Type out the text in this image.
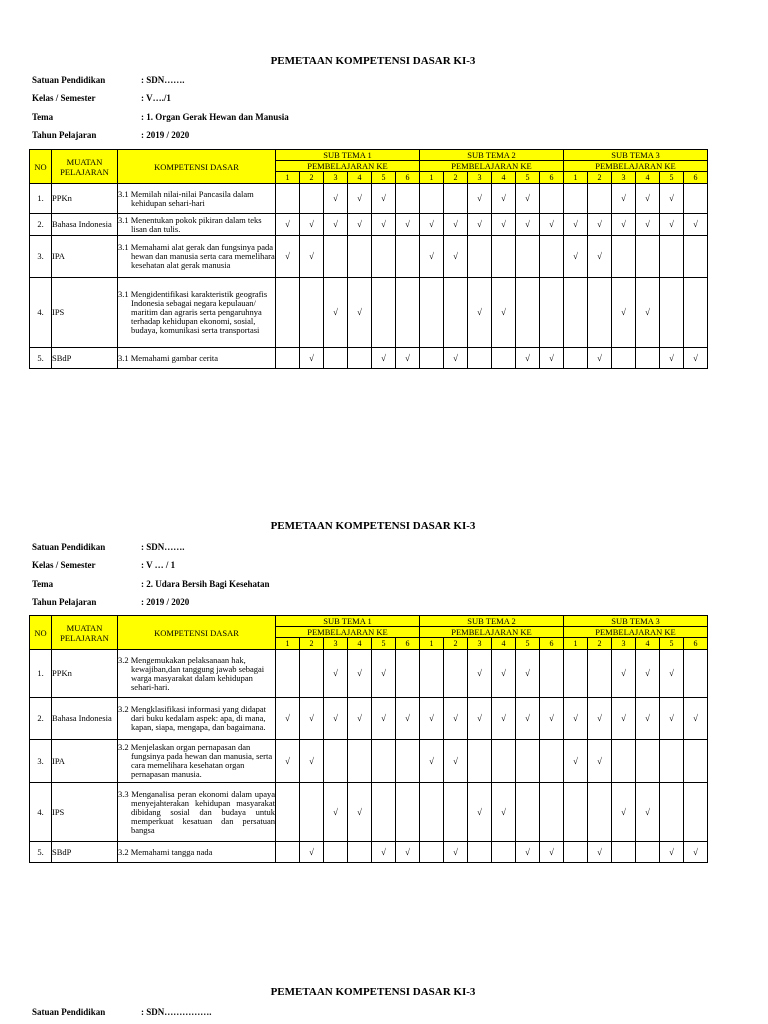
PEMETAAN KOMPETENSI DASAR KI-3
Satuan Pendidikan	: SDN…….
Kelas / Semester	: V…./1
Tema	: 1. Organ Gerak Hewan dan Manusia
Tahun Pelajaran	: 2019 / 2020
NO	MUATAN PELAJARAN	KOMPETENSI DASAR	SUB TEMA 1						SUB TEMA 2						SUB TEMA 3					
			PEMBELAJARAN KE						PEMBELAJARAN KE						PEMBELAJARAN KE					
			1	2	3	4	5	6	1	2	3	4	5	6	1	2	3	4	5	6
1.	PPKn	3.1 Memilah nilai-nilai Pancasila dalam kehidupan sehari-hari			√	√	√				√	√	√				√	√	√	
2.	Bahasa Indonesia	3.1 Menentukan pokok pikiran dalam teks lisan dan tulis.	√	√	√	√	√	√	√	√	√	√	√	√	√	√	√	√	√	√
3.	IPA	3.1 Memahami alat gerak dan fungsinya pada hewan dan manusia serta cara memelihara kesehatan alat gerak manusia	√	√					√	√					√	√				
4.	IPS	3.1 Mengidentifikasi karakteristik geografis Indonesia sebagai negara kepulauan/ maritim dan agraris serta pengaruhnya terhadap kehidupan ekonomi, sosial, budaya, komunikasi serta transportasi			√	√					√	√					√	√		
5.	SBdP	3.1 Memahami gambar cerita		√			√	√		√			√	√		√			√	√
PEMETAAN KOMPETENSI DASAR KI-3
Satuan Pendidikan	: SDN…….
Kelas / Semester	: V … / 1
Tema	: 2. Udara Bersih Bagi Kesehatan
Tahun Pelajaran	: 2019 / 2020
NO	MUATAN PELAJARAN	KOMPETENSI DASAR	SUB TEMA 1						SUB TEMA 2						SUB TEMA 3					
			PEMBELAJARAN KE						PEMBELAJARAN KE						PEMBELAJARAN KE					
			1	2	3	4	5	6	1	2	3	4	5	6	1	2	3	4	5	6
1.	PPKn	3.2 Mengemukakan pelaksanaan hak, kewajiban,dan tanggung jawab sebagai warga masyarakat dalam kehidupan sehari-hari.			√	√	√				√	√	√				√	√	√	
2.	Bahasa Indonesia	3.2 Mengklasifikasi informasi yang didapat dari buku kedalam aspek: apa, di mana, kapan, siapa, mengapa, dan bagaimana.	√	√	√	√	√	√	√	√	√	√	√	√	√	√	√	√	√	√
3.	IPA	3.2 Menjelaskan organ pernapasan dan fungsinya pada hewan dan manusia, serta cara memelihara kesehatan organ pernapasan manusia.	√	√					√	√					√	√				
4.	IPS	3.3 Menganalisa peran ekonomi dalam upaya menyejahterakan kehidupan masyarakat dibidang sosial dan budaya untuk memperkuat kesatuan dan persatuan bangsa			√	√					√	√					√	√		
5.	SBdP	3.2 Memahami tangga nada		√			√	√		√			√	√		√			√	√
PEMETAAN KOMPETENSI DASAR KI-3
Satuan Pendidikan	: SDN…………….
